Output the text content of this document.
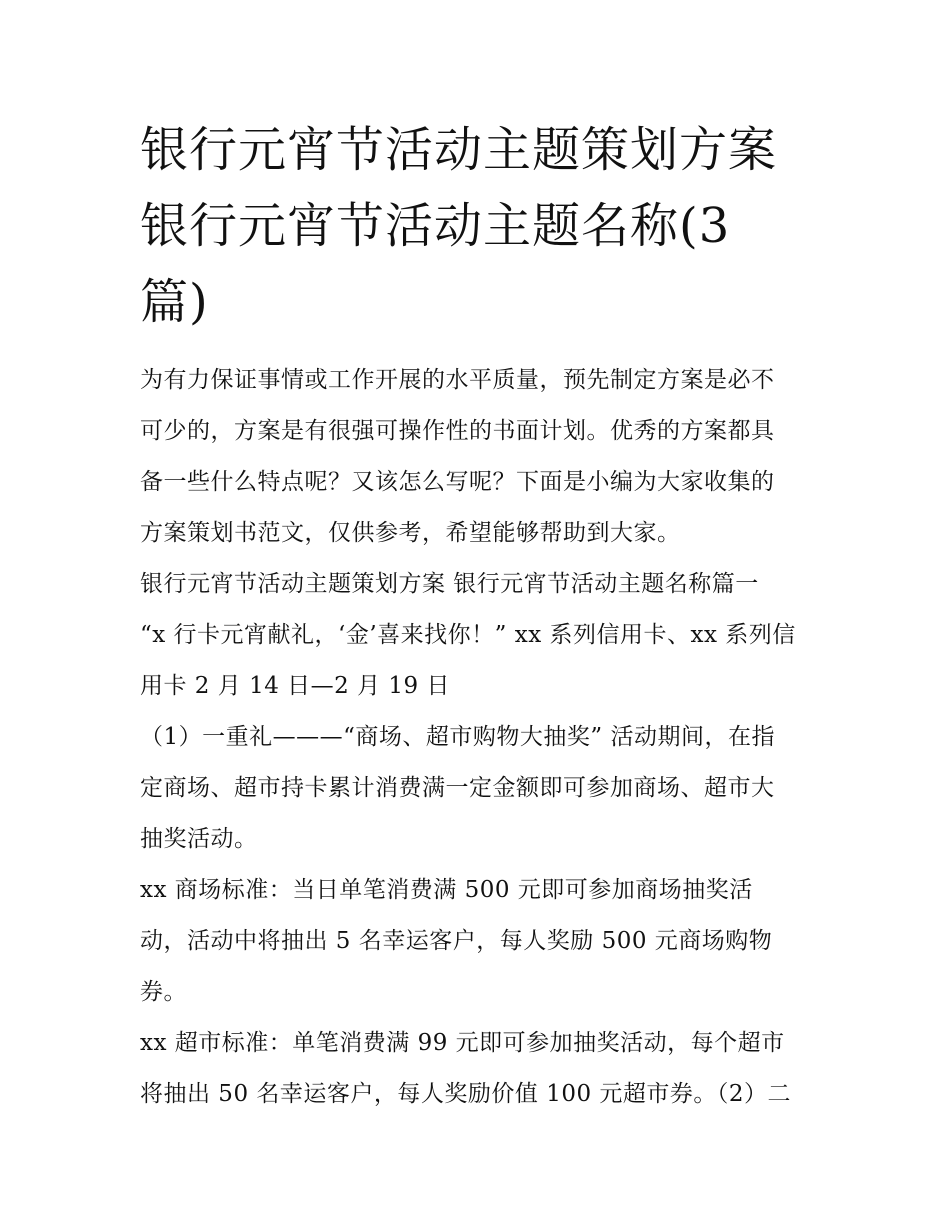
银行元宵节活动主题策划方案
银行元宵节活动主题名称(3
篇)

为有力保证事情或工作开展的水平质量，预先制定方案是必不
可少的，方案是有很强可操作性的书面计划。优秀的方案都具
备一些什么特点呢？又该怎么写呢？下面是小编为大家收集的
方案策划书范文，仅供参考，希望能够帮助到大家。

银行元宵节活动主题策划方案 银行元宵节活动主题名称篇一

“x 行卡元宵献礼，‘金’喜来找你！” xx 系列信用卡、xx 系列信
用卡 2 月 14 日—2 月 19 日

（1）一重礼———“商场、超市购物大抽奖” 活动期间，在指
定商场、超市持卡累计消费满一定金额即可参加商场、超市大
抽奖活动。

xx 商场标准：当日单笔消费满 500 元即可参加商场抽奖活
动，活动中将抽出 5 名幸运客户，每人奖励 500 元商场购物
券。

xx 超市标准：单笔消费满 99 元即可参加抽奖活动，每个超市
将抽出 50 名幸运客户，每人奖励价值 100 元超市券。（2）二
